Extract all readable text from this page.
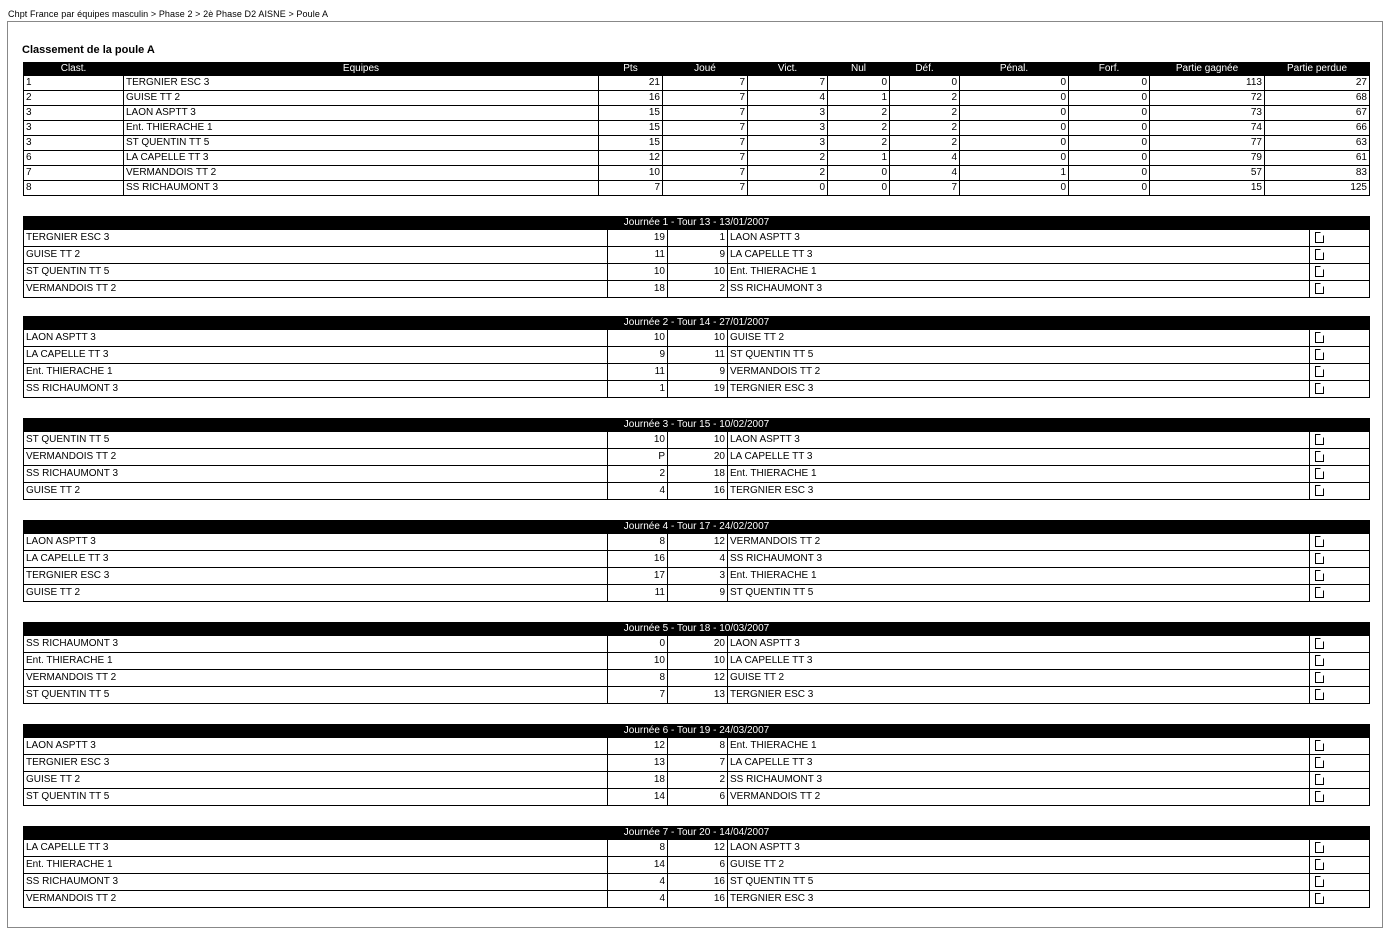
Chpt France par équipes masculin > Phase 2 > 2è Phase D2 AISNE > Poule A
Classement de la poule A
Clast.	Equipes	Pts	Joué	Vict.	Nul	Déf.	Pénal.	Forf.	Partie gagnée	Partie perdue
1	TERGNIER ESC 3	21	7	7	0	0	0	0	113	27
2	GUISE TT 2	16	7	4	1	2	0	0	72	68
3	LAON ASPTT 3	15	7	3	2	2	0	0	73	67
3	Ent. THIERACHE 1	15	7	3	2	2	0	0	74	66
3	ST QUENTIN TT 5	15	7	3	2	2	0	0	77	63
6	LA CAPELLE TT 3	12	7	2	1	4	0	0	79	61
7	VERMANDOIS TT 2	10	7	2	0	4	1	0	57	83
8	SS RICHAUMONT 3	7	7	0	0	7	0	0	15	125
Journée 1 - Tour 13 - 13/01/2007				
TERGNIER ESC 3	19	1	LAON ASPTT 3	
GUISE TT 2	11	9	LA CAPELLE TT 3	
ST QUENTIN TT 5	10	10	Ent. THIERACHE 1	
VERMANDOIS TT 2	18	2	SS RICHAUMONT 3	
Journée 2 - Tour 14 - 27/01/2007				
LAON ASPTT 3	10	10	GUISE TT 2	
LA CAPELLE TT 3	9	11	ST QUENTIN TT 5	
Ent. THIERACHE 1	11	9	VERMANDOIS TT 2	
SS RICHAUMONT 3	1	19	TERGNIER ESC 3	
Journée 3 - Tour 15 - 10/02/2007				
ST QUENTIN TT 5	10	10	LAON ASPTT 3	
VERMANDOIS TT 2	P	20	LA CAPELLE TT 3	
SS RICHAUMONT 3	2	18	Ent. THIERACHE 1	
GUISE TT 2	4	16	TERGNIER ESC 3	
Journée 4 - Tour 17 - 24/02/2007				
LAON ASPTT 3	8	12	VERMANDOIS TT 2	
LA CAPELLE TT 3	16	4	SS RICHAUMONT 3	
TERGNIER ESC 3	17	3	Ent. THIERACHE 1	
GUISE TT 2	11	9	ST QUENTIN TT 5	
Journée 5 - Tour 18 - 10/03/2007				
SS RICHAUMONT 3	0	20	LAON ASPTT 3	
Ent. THIERACHE 1	10	10	LA CAPELLE TT 3	
VERMANDOIS TT 2	8	12	GUISE TT 2	
ST QUENTIN TT 5	7	13	TERGNIER ESC 3	
Journée 6 - Tour 19 - 24/03/2007				
LAON ASPTT 3	12	8	Ent. THIERACHE 1	
TERGNIER ESC 3	13	7	LA CAPELLE TT 3	
GUISE TT 2	18	2	SS RICHAUMONT 3	
ST QUENTIN TT 5	14	6	VERMANDOIS TT 2	
Journée 7 - Tour 20 - 14/04/2007				
LA CAPELLE TT 3	8	12	LAON ASPTT 3	
Ent. THIERACHE 1	14	6	GUISE TT 2	
SS RICHAUMONT 3	4	16	ST QUENTIN TT 5	
VERMANDOIS TT 2	4	16	TERGNIER ESC 3	
